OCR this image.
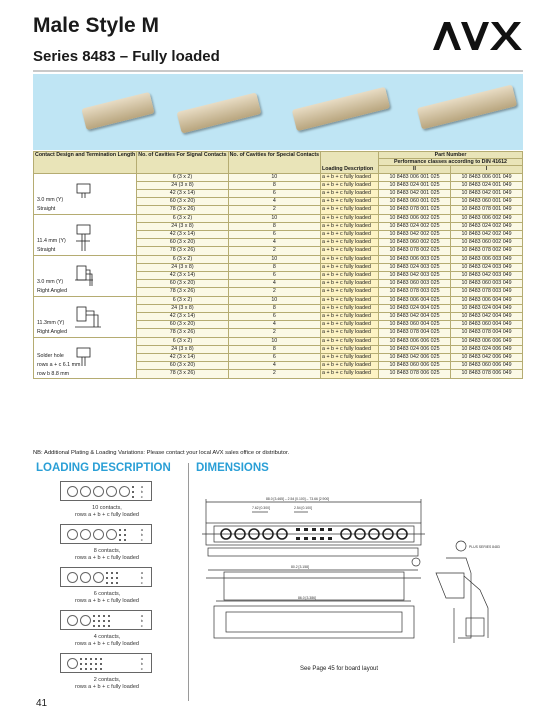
Male Style M
Series 8483 – Fully loaded
Contact Design and Termination Length	No. of Cavities For Signal Contacts	No. of Cavities for Special Contacts	Loading Description	Part Number	
				Performance classes according to DIN 41612	
				II	I

3.0 mm (Y)
Straight	6 (3 x 2)	10	a + b + c fully loaded	10 8483 006 001 025	10 8483 006 001 049
	24 (3 x 8)	8	a + b + c fully loaded	10 8483 024 001 025	10 8483 024 001 049
	42 (3 x 14)	6	a + b + c fully loaded	10 8483 042 001 025	10 8483 042 001 049
	60 (3 x 20)	4	a + b + c fully loaded	10 8483 060 001 025	10 8483 060 001 049
	78 (3 x 26)	2	a + b + c fully loaded	10 8483 078 001 025	10 8483 078 001 049

11.4 mm (Y)
Straight	6 (3 x 2)	10	a + b + c fully loaded	10 8483 006 002 025	10 8483 006 002 049
	24 (3 x 8)	8	a + b + c fully loaded	10 8483 024 002 025	10 8483 024 002 049
	42 (3 x 14)	6	a + b + c fully loaded	10 8483 042 002 025	10 8483 042 002 049
	60 (3 x 20)	4	a + b + c fully loaded	10 8483 060 002 025	10 8483 060 002 049
	78 (3 x 26)	2	a + b + c fully loaded	10 8483 078 002 025	10 8483 078 002 049

3.0 mm (Y)
Right Angled	6 (3 x 2)	10	a + b + c fully loaded	10 8483 006 003 025	10 8483 006 003 049
	24 (3 x 8)	8	a + b + c fully loaded	10 8483 024 003 025	10 8483 024 003 049
	42 (3 x 14)	6	a + b + c fully loaded	10 8483 042 003 025	10 8483 042 003 049
	60 (3 x 20)	4	a + b + c fully loaded	10 8483 060 003 025	10 8483 060 003 049
	78 (3 x 26)	2	a + b + c fully loaded	10 8483 078 003 025	10 8483 078 003 049

11.3mm (Y)
Right Angled	6 (3 x 2)	10	a + b + c fully loaded	10 8483 006 004 025	10 8483 006 004 049
	24 (3 x 8)	8	a + b + c fully loaded	10 8483 024 004 025	10 8483 024 004 049
	42 (3 x 14)	6	a + b + c fully loaded	10 8483 042 004 025	10 8483 042 004 049
	60 (3 x 20)	4	a + b + c fully loaded	10 8483 060 004 025	10 8483 060 004 049
	78 (3 x 26)	2	a + b + c fully loaded	10 8483 078 004 025	10 8483 078 004 049

Solder hole
rows a + c 6.1 mm
row b 8.8 mm	6 (3 x 2)	10	a + b + c fully loaded	10 8483 006 006 025	10 8483 006 006 049
	24 (3 x 8)	8	a + b + c fully loaded	10 8483 024 006 025	10 8483 024 006 049
	42 (3 x 14)	6	a + b + c fully loaded	10 8483 042 006 025	10 8483 042 006 049
	60 (3 x 20)	4	a + b + c fully loaded	10 8483 060 006 025	10 8483 060 006 049
	78 (3 x 26)	2	a + b + c fully loaded	10 8483 078 006 025	10 8483 078 006 049
NB: Additional Plating & Loading Variations: Please contact your local AVX sales office or distributor.
LOADING DESCRIPTION DIMENSIONS
a
b
c
10 contacts,
rows a + b + c fully loaded
a
b
c
8 contacts,
rows a + b + c fully loaded
a
b
c
6 contacts,
rows a + b + c fully loaded
a
b
c
4 contacts,
rows a + b + c fully loaded
a
b
c
2 contacts,
rows a + b + c fully loaded
88.0 [3.465] – 2.54 [0.100] – 73.66 [2.900]
2.54 [0.100]
7.62 [0.300]
80.2 [3.158]
86.0 [3.386]
PLUS SERIES 8483
See Page 45 for board layout
41
